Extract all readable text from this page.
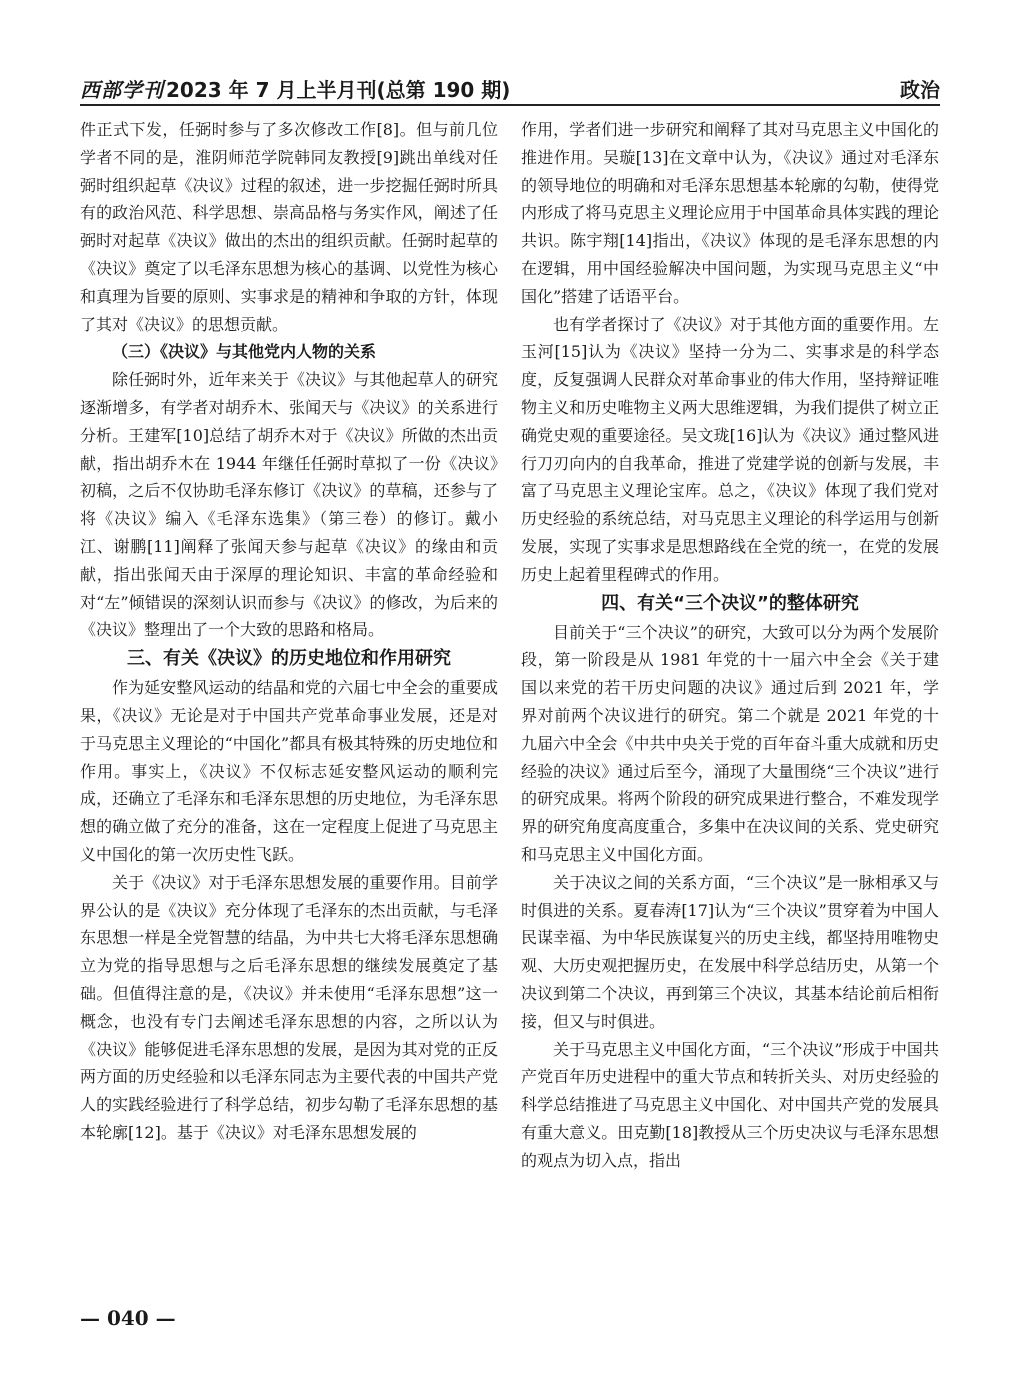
西部学刊 2023 年 7 月上半月刊(总第 190 期)	政治

件正式下发，任弼时参与了多次修改工作[8]。但与前几位学者不同的是，淮阴师范学院韩同友教授[9]跳出单线对任弼时组织起草《决议》过程的叙述，进一步挖掘任弼时所具有的政治风范、科学思想、崇高品格与务实作风，阐述了任弼时对起草《决议》做出的杰出的组织贡献。任弼时起草的《决议》奠定了以毛泽东思想为核心的基调、以党性为核心和真理为旨要的原则、实事求是的精神和争取的方针，体现了其对《决议》的思想贡献。

（三）《决议》与其他党内人物的关系

除任弼时外，近年来关于《决议》与其他起草人的研究逐渐增多，有学者对胡乔木、张闻天与《决议》的关系进行分析。王建军[10]总结了胡乔木对于《决议》所做的杰出贡献，指出胡乔木在 1944 年继任任弼时草拟了一份《决议》初稿，之后不仅协助毛泽东修订《决议》的草稿，还参与了将《决议》编入《毛泽东选集》（第三卷）的修订。戴小江、谢鹏[11]阐释了张闻天参与起草《决议》的缘由和贡献，指出张闻天由于深厚的理论知识、丰富的革命经验和对“左”倾错误的深刻认识而参与《决议》的修改，为后来的《决议》整理出了一个大致的思路和格局。

三、有关《决议》的历史地位和作用研究

作为延安整风运动的结晶和党的六届七中全会的重要成果，《决议》无论是对于中国共产党革命事业发展，还是对于马克思主义理论的“中国化”都具有极其特殊的历史地位和作用。事实上，《决议》不仅标志延安整风运动的顺利完成，还确立了毛泽东和毛泽东思想的历史地位，为毛泽东思想的确立做了充分的准备，这在一定程度上促进了马克思主义中国化的第一次历史性飞跃。

关于《决议》对于毛泽东思想发展的重要作用。目前学界公认的是《决议》充分体现了毛泽东的杰出贡献，与毛泽东思想一样是全党智慧的结晶，为中共七大将毛泽东思想确立为党的指导思想与之后毛泽东思想的继续发展奠定了基础。但值得注意的是，《决议》并未使用“毛泽东思想”这一概念，也没有专门去阐述毛泽东思想的内容，之所以认为《决议》能够促进毛泽东思想的发展，是因为其对党的正反两方面的历史经验和以毛泽东同志为主要代表的中国共产党人的实践经验进行了科学总结，初步勾勒了毛泽东思想的基本轮廓[12]。基于《决议》对毛泽东思想发展的

作用，学者们进一步研究和阐释了其对马克思主义中国化的推进作用。吴璇[13]在文章中认为，《决议》通过对毛泽东的领导地位的明确和对毛泽东思想基本轮廓的勾勒，使得党内形成了将马克思主义理论应用于中国革命具体实践的理论共识。陈宇翔[14]指出，《决议》体现的是毛泽东思想的内在逻辑，用中国经验解决中国问题，为实现马克思主义“中国化”搭建了话语平台。

也有学者探讨了《决议》对于其他方面的重要作用。左玉河[15]认为《决议》坚持一分为二、实事求是的科学态度，反复强调人民群众对革命事业的伟大作用，坚持辩证唯物主义和历史唯物主义两大思维逻辑，为我们提供了树立正确党史观的重要途径。吴文珑[16]认为《决议》通过整风进行刀刃向内的自我革命，推进了党建学说的创新与发展，丰富了马克思主义理论宝库。总之，《决议》体现了我们党对历史经验的系统总结，对马克思主义理论的科学运用与创新发展，实现了实事求是思想路线在全党的统一，在党的发展历史上起着里程碑式的作用。

四、有关“三个决议”的整体研究

目前关于“三个决议”的研究，大致可以分为两个发展阶段，第一阶段是从 1981 年党的十一届六中全会《关于建国以来党的若干历史问题的决议》通过后到 2021 年，学界对前两个决议进行的研究。第二个就是 2021 年党的十九届六中全会《中共中央关于党的百年奋斗重大成就和历史经验的决议》通过后至今，涌现了大量围绕“三个决议”进行的研究成果。将两个阶段的研究成果进行整合，不难发现学界的研究角度高度重合，多集中在决议间的关系、党史研究和马克思主义中国化方面。

关于决议之间的关系方面，“三个决议”是一脉相承又与时俱进的关系。夏春涛[17]认为“三个决议”贯穿着为中国人民谋幸福、为中华民族谋复兴的历史主线，都坚持用唯物史观、大历史观把握历史，在发展中科学总结历史，从第一个决议到第二个决议，再到第三个决议，其基本结论前后相衔接，但又与时俱进。

关于马克思主义中国化方面，“三个决议”形成于中国共产党百年历史进程中的重大节点和转折关头、对历史经验的科学总结推进了马克思主义中国化、对中国共产党的发展具有重大意义。田克勤[18]教授从三个历史决议与毛泽东思想的观点为切入点，指出

— 040 —
